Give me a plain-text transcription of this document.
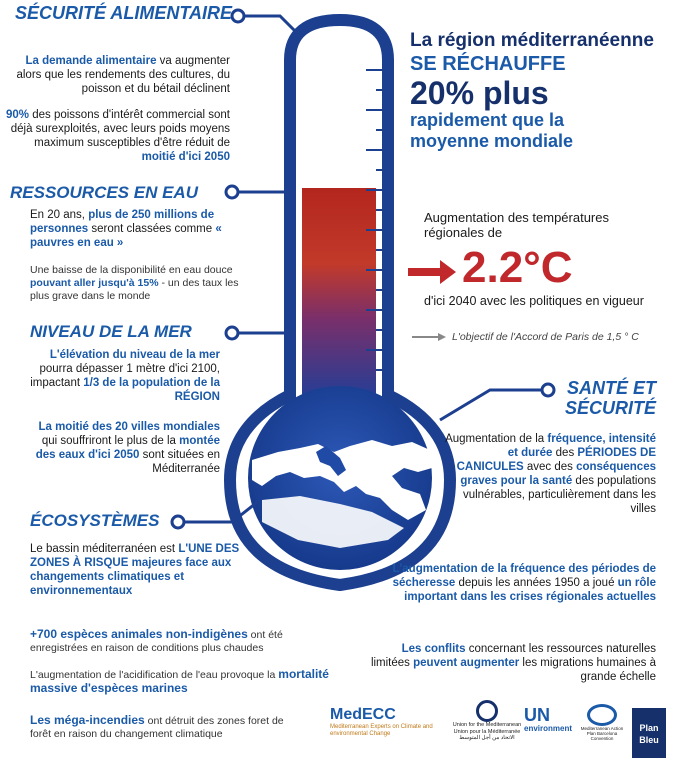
SÉCURITÉ ALIMENTAIRE
La demande alimentaire va augmenter alors que les rendements des cultures, du poisson et du bétail déclinent
90% des poissons d'intérêt commercial sont déjà surexploités, avec leurs poids moyens maximum susceptibles d'être réduit de moitié d'ici 2050
RESSOURCES EN EAU
En 20 ans, plus de 250 millions de personnes seront classées comme « pauvres en eau »
Une baisse de la disponibilité en eau douce pouvant aller jusqu'à 15% - un des taux les plus grave dans le monde
NIVEAU DE LA MER
L'élévation du niveau de la mer pourra dépasser 1 mètre d'ici 2100, impactant 1/3 de la population de la RÉGION
La moitié des 20 villes mondiales qui souffriront le plus de la montée des eaux d'ici 2050 sont situées en Méditerranée
ÉCOSYSTÈMES
Le bassin méditerranéen est L'UNE DES ZONES À RISQUE majeures face aux changements climatiques et environnementaux
+700 espèces animales non-indigènes ont été enregistrées en raison de conditions plus chaudes
L'augmentation de l'acidification de l'eau provoque la mortalité massive d'espèces marines
Les méga-incendies ont détruit des zones foret de forêt en raison du changement climatique
La région méditerranéenne
SE RÉCHAUFFE
20% plus
rapidement que la moyenne mondiale
Augmentation des températures régionales de
2.2°C
d'ici 2040 avec les politiques en vigueur
L'objectif de l'Accord de Paris de 1,5 ° C
SANTÉ ET
SÉCURITÉ
Augmentation de la fréquence, intensité et durée des PÉRIODES DE CANICULES avec des conséquences graves pour la santé des populations vulnérables, particulièrement dans les villes
L'augmentation de la fréquence des périodes de sécheresse depuis les années 1950 a joué un rôle important dans les crises régionales actuelles
Les conflits concernant les ressources naturelles limitées peuvent augmenter les migrations humaines à grande échelle
MedECC
Mediterranean Experts on Climate and environmental Change
Union for the Mediterranean Union pour la Méditerranée
الاتحاد من أجل المتوسط
UN
environment	Mediterranean Action Plan Barcelona Convention
Plan Bleu
